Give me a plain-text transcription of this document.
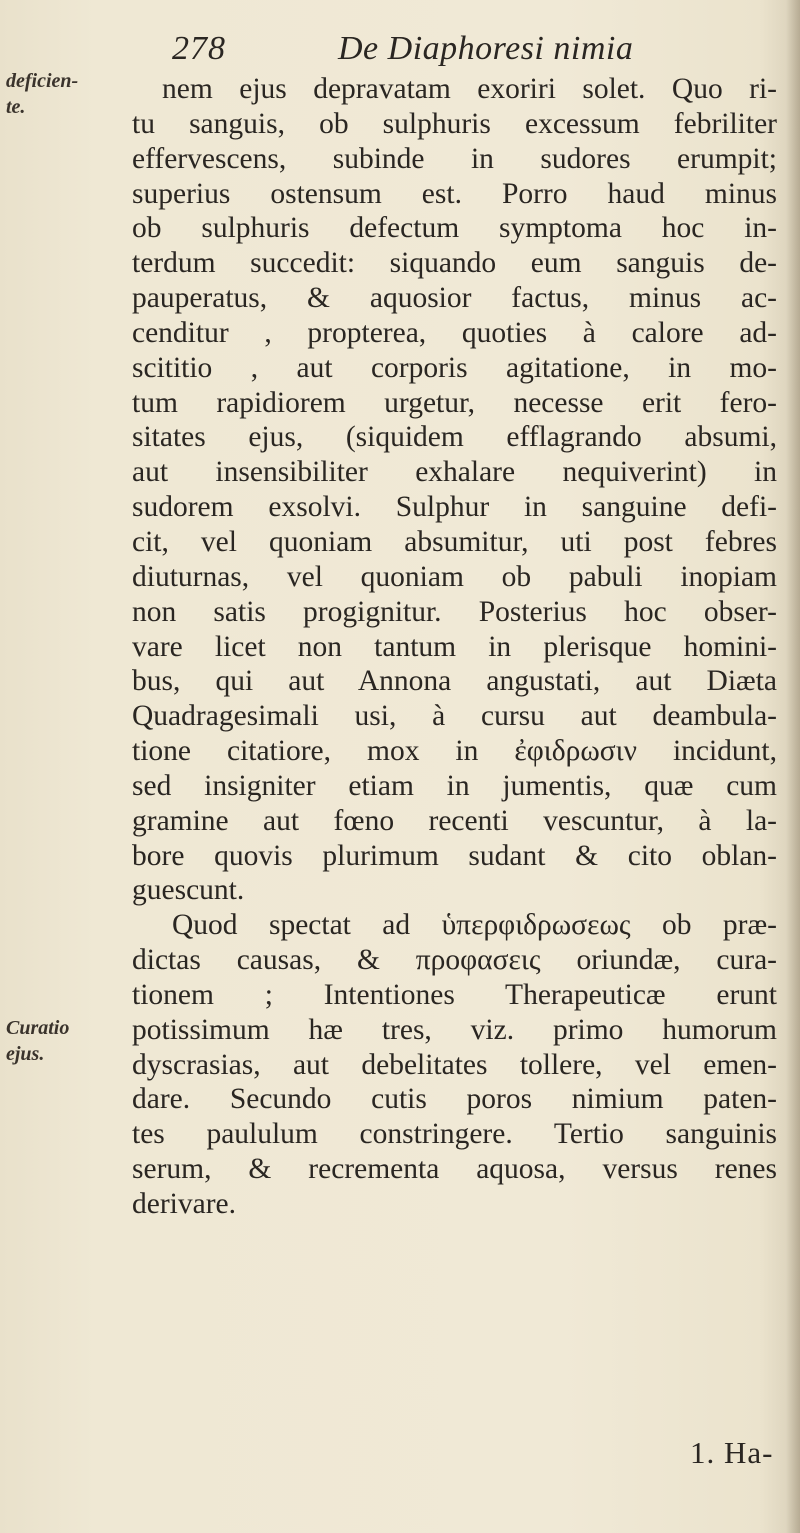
278	De Diaphoresi nimia
deficien-
te.
Curatio
ejus.
nem ejus depravatam exoriri solet. Quo ri-
tu sanguis, ob sulphuris excessum febriliter
effervescens, subinde in sudores erumpit;
superius ostensum est. Porro haud minus
ob sulphuris defectum symptoma hoc in-
terdum succedit: siquando eum sanguis de-
pauperatus, & aquosior factus, minus ac-
cenditur , propterea, quoties à calore ad-
scititio , aut corporis agitatione, in mo-
tum rapidiorem urgetur, necesse erit fero-
sitates ejus, (siquidem efflagrando absumi,
aut insensibiliter exhalare nequiverint) in
sudorem exsolvi. Sulphur in sanguine defi-
cit, vel quoniam absumitur, uti post febres
diuturnas, vel quoniam ob pabuli inopiam
non satis progignitur. Posterius hoc obser-
vare licet non tantum in plerisque homini-
bus, qui aut Annona angustati, aut Diæta
Quadragesimali usi, à cursu aut deambula-
tione citatiore, mox in ἐφιδρωσιν incidunt,
sed insigniter etiam in jumentis, quæ cum
gramine aut fœno recenti vescuntur, à la-
bore quovis plurimum sudant & cito oblan-
guescunt.
Quod spectat ad ὑπερφιδρωσεως ob præ-
dictas causas, & προφασεις oriundæ, cura-
tionem ; Intentiones Therapeuticæ erunt
potissimum hæ tres, viz. primo humorum
dyscrasias, aut debelitates tollere, vel emen-
dare. Secundo cutis poros nimium paten-
tes paululum constringere. Tertio sanguinis
serum, & recrementa aquosa, versus renes
derivare.
1. Ha-
